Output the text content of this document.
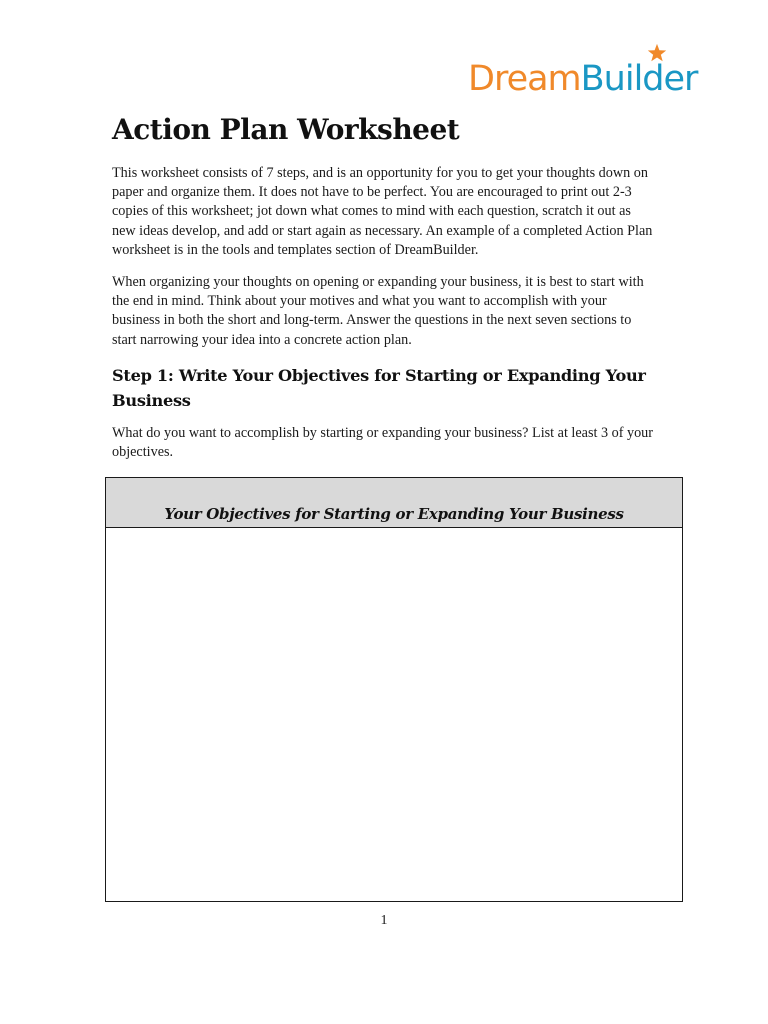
DreamBuilder
Action Plan Worksheet

This worksheet consists of 7 steps, and is an opportunity for you to get your thoughts down on paper and organize them. It does not have to be perfect. You are encouraged to print out 2-3 copies of this worksheet; jot down what comes to mind with each question, scratch it out as new ideas develop, and add or start again as necessary. An example of a completed Action Plan worksheet is in the tools and templates section of DreamBuilder.

When organizing your thoughts on opening or expanding your business, it is best to start with the end in mind. Think about your motives and what you want to accomplish with your business in both the short and long-term. Answer the questions in the next seven sections to start narrowing your idea into a concrete action plan.

Step 1: Write Your Objectives for Starting or Expanding Your Business

What do you want to accomplish by starting or expanding your business? List at least 3 of your objectives.

Your Objectives for Starting or Expanding Your Business
1
